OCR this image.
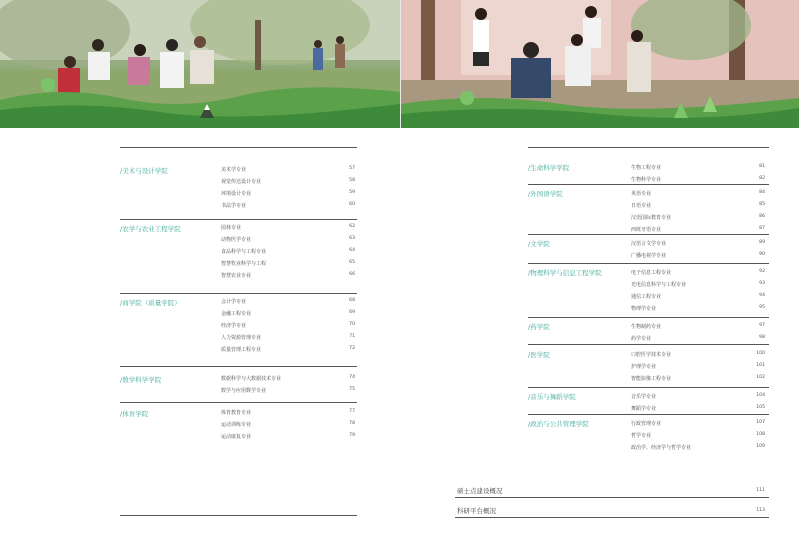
/美术与设计学院	美术学专业	57
视觉传达设计专业	58
环境设计专业	59
书法学专业	60
/农学与农业工程学院	园林专业	62
动物医学专业	63
食品科学与工程专业	64
智慧牧业科学与工程	65
智慧农业专业	66
/商学院（质量学院）	会计学专业	68
金融工程专业	69
经济学专业	70
人力资源管理专业	71
质量管理工程专业	72
/数学科学学院	数据科学与大数据技术专业	74
数学与应用数学专业	75
/体育学院	体育教育专业	77
运动训练专业	78
运动康复专业	79
/生命科学学院	生物工程专业	81
生物科学专业	82
/外国语学院	英语专业	84
日语专业	85
汉语国际教育专业	86
西班牙语专业	87
/文学院	汉语言文学专业	89
广播电视学专业	90
/物理科学与信息工程学院	电子信息工程专业	92
光电信息科学与工程专业	93
通信工程专业	94
物理学专业	95
/药学院	生物制药专业	97
药学专业	98
/医学院	口腔医学技术专业	100
护理学专业	101
智能影像工程专业	102
/音乐与舞蹈学院	音乐学专业	104
舞蹈学专业	105
/政治与公共管理学院	行政管理专业	107
哲学专业	108
政治学、经济学与哲学专业	109
硕士点建设概况	111
科研平台概况	113
